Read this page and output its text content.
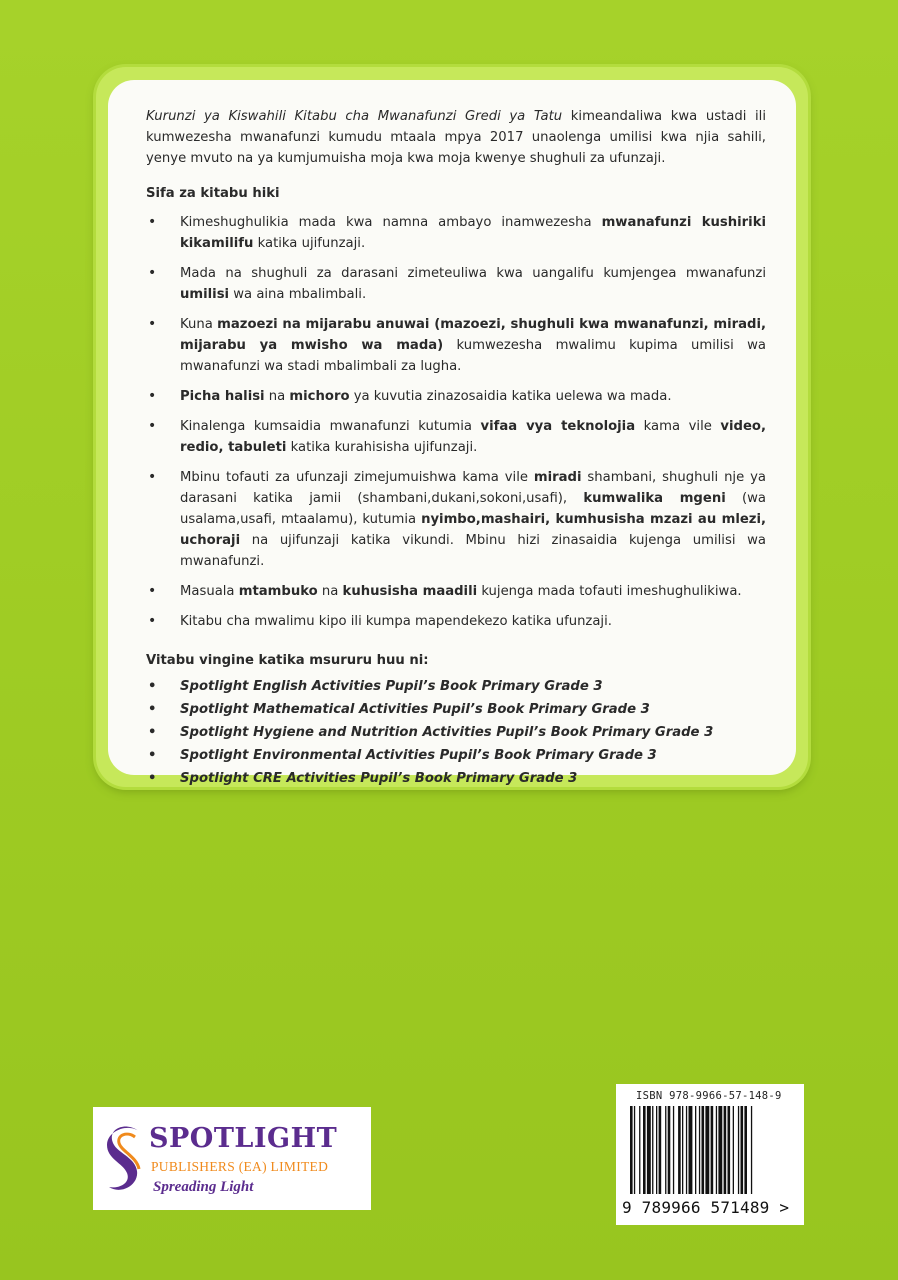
Kurunzi ya Kiswahili Kitabu cha Mwanafunzi Gredi ya Tatu kimeandaliwa kwa ustadi ili kumwezesha mwanafunzi kumudu mtaala mpya 2017 unaolenga umilisi kwa njia sahili, yenye mvuto na ya kumjumuisha moja kwa moja kwenye shughuli za ufunzaji.

Sifa za kitabu hiki
• Kimeshughulikia mada kwa namna ambayo inamwezesha mwanafunzi kushiriki kikamilifu katika ujifunzaji.
• Mada na shughuli za darasani zimeteuliwa kwa uangalifu kumjengea mwanafunzi umilisi wa aina mbalimbali.
• Kuna mazoezi na mijarabu anuwai (mazoezi, shughuli kwa mwanafunzi, miradi, mijarabu ya mwisho wa mada) kumwezesha mwalimu kupima umilisi wa mwanafunzi wa stadi mbalimbali za lugha.
• Picha halisi na michoro ya kuvutia zinazosaidia katika uelewa wa mada.
• Kinalenga kumsaidia mwanafunzi kutumia vifaa vya teknolojia kama vile video, redio, tabuleti katika kurahisisha ujifunzaji.
• Mbinu tofauti za ufunzaji zimejumuishwa kama vile miradi shambani, shughuli nje ya darasani katika jamii (shambani,dukani,sokoni,usafi), kumwalika mgeni (wa usalama,usafi, mtaalamu), kutumia nyimbo,mashairi, kumhusisha mzazi au mlezi, uchoraji na ujifunzaji katika vikundi. Mbinu hizi zinasaidia kujenga umilisi wa mwanafunzi.
• Masuala mtambuko na kuhusisha maadili kujenga mada tofauti imeshughulikiwa.
• Kitabu cha mwalimu kipo ili kumpa mapendekezo katika ufunzaji.
Vitabu vingine katika msururu huu ni:
• Spotlight English Activities Pupil’s Book Primary Grade 3
• Spotlight Mathematical Activities Pupil’s Book Primary Grade 3
• Spotlight Hygiene and Nutrition Activities Pupil’s Book Primary Grade 3
• Spotlight Environmental Activities Pupil’s Book Primary Grade 3
• Spotlight CRE Activities Pupil’s Book Primary Grade 3
SPOTLIGHT
PUBLISHERS (EA) LIMITED
Spreading Light
ISBN 978-9966-57-148-9
9 789966 571489 >
